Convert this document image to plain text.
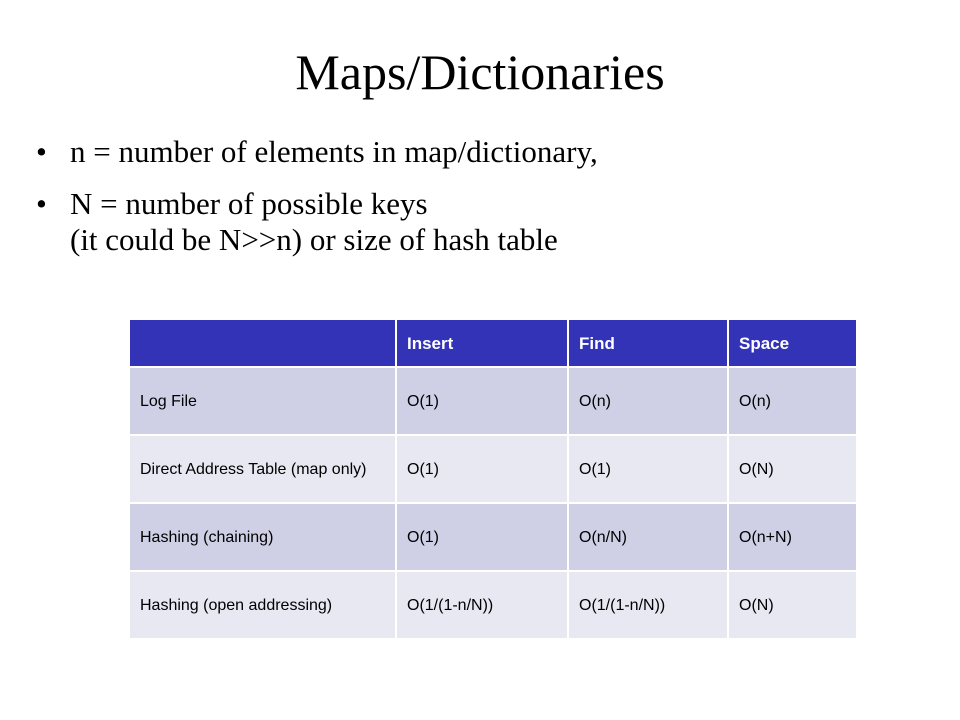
Maps/Dictionaries
• n = number of elements in map/dictionary,
• N = number of possible keys
(it could be N>>n) or size of hash table
	Insert	Find	Space
Log File	O(1)	O(n)	O(n)
Direct Address Table (map only)	O(1)	O(1)	O(N)
Hashing (chaining)	O(1)	O(n/N)	O(n+N)
Hashing (open addressing)	O(1/(1-n/N))	O(1/(1-n/N))	O(N)
